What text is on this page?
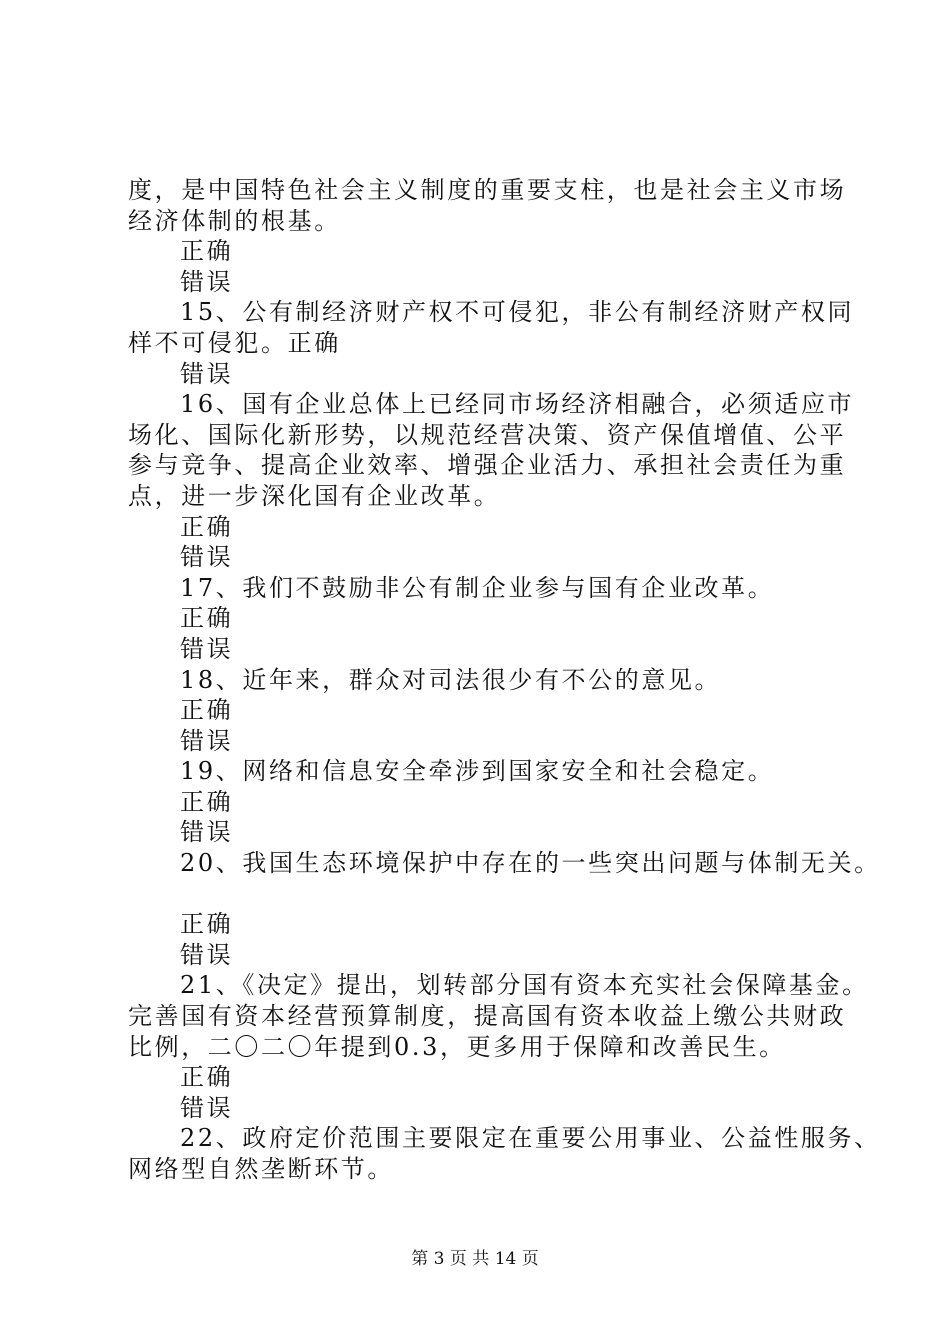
度，是中国特色社会主义制度的重要支柱，也是社会主义市场
经济体制的根基。
正确
错误
15、公有制经济财产权不可侵犯，非公有制经济财产权同
样不可侵犯。正确
错误
16、国有企业总体上已经同市场经济相融合，必须适应市
场化、国际化新形势，以规范经营决策、资产保值增值、公平
参与竞争、提高企业效率、增强企业活力、承担社会责任为重
点，进一步深化国有企业改革。
正确
错误
17、我们不鼓励非公有制企业参与国有企业改革。
正确
错误
18、近年来，群众对司法很少有不公的意见。
正确
错误
19、网络和信息安全牵涉到国家安全和社会稳定。
正确
错误
20、我国生态环境保护中存在的一些突出问题与体制无关。
正确
错误
21、《决定》提出，划转部分国有资本充实社会保障基金。
完善国有资本经营预算制度，提高国有资本收益上缴公共财政
比例，二〇二〇年提到0.3，更多用于保障和改善民生。
正确
错误
22、政府定价范围主要限定在重要公用事业、公益性服务、
网络型自然垄断环节。
第 3 页 共 14 页
